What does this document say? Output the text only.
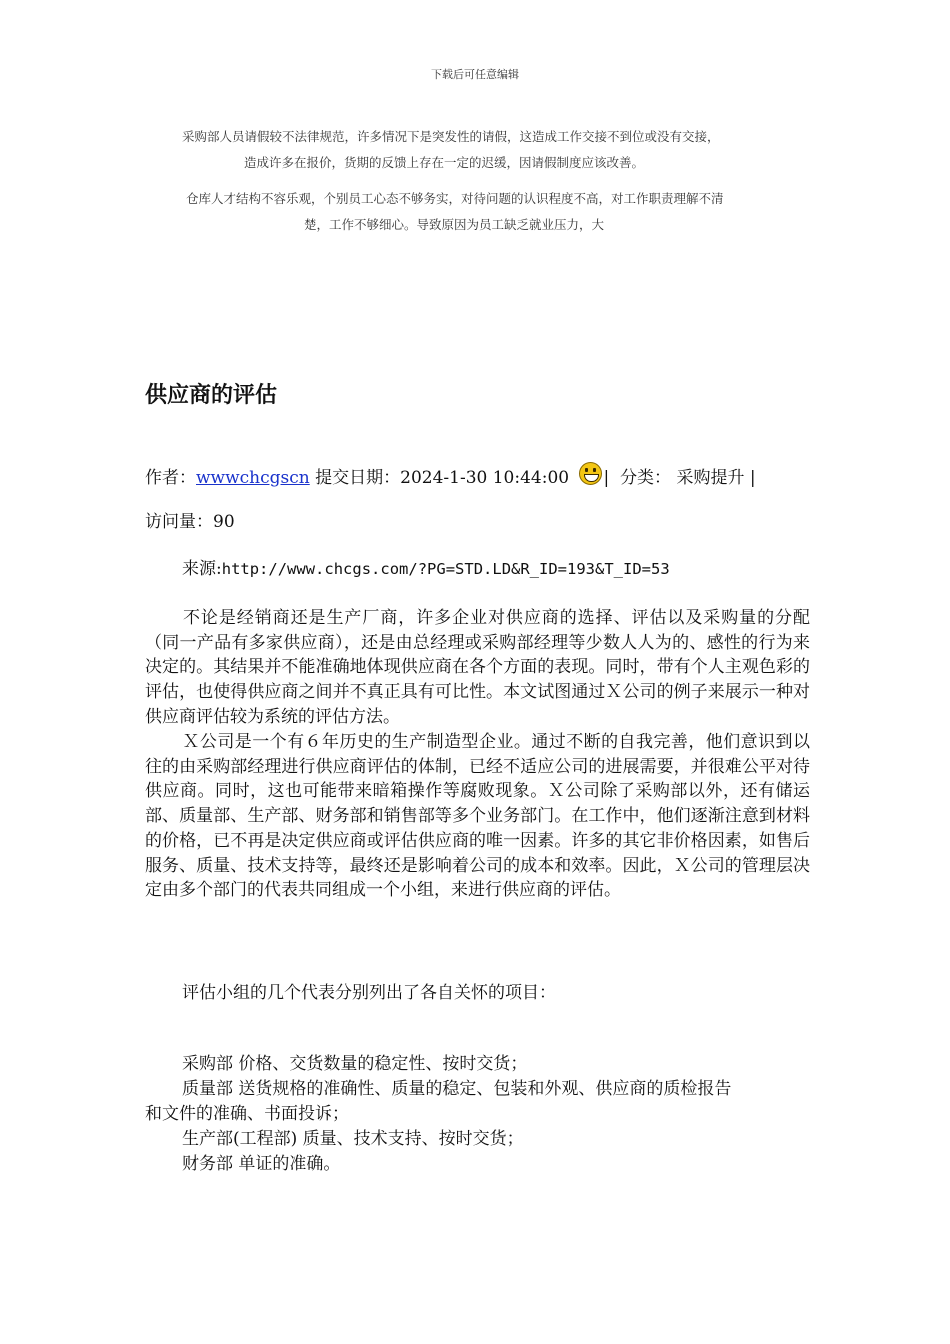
下载后可任意编辑
采购部人员请假较不法律规范，许多情况下是突发性的请假，这造成工作交接不到位或没有交接，
造成许多在报价，货期的反馈上存在一定的迟缓，因请假制度应该改善。
仓库人才结构不容乐观，个别员工心态不够务实，对待问题的认识程度不高，对工作职责理解不清
楚，工作不够细心。导致原因为员工缺乏就业压力，大
供应商的评估
作者：wwwchcgscn 提交日期：2024-1-30 10:44:00 | 分类： 采购提升 |
访问量：90
来源:http://www.chcgs.com/?PG=STD.LD&R_ID=193&T_ID=53
不论是经销商还是生产厂商，许多企业对供应商的选择、评估以及采购量的分配（同一产品有多家供应商），还是由总经理或采购部经理等少数人人为的、感性的行为来决定的。其结果并不能准确地体现供应商在各个方面的表现。同时，带有个人主观色彩的评估，也使得供应商之间并不真正具有可比性。本文试图通过Ｘ公司的例子来展示一种对供应商评估较为系统的评估方法。
Ｘ公司是一个有６年历史的生产制造型企业。通过不断的自我完善，他们意识到以往的由采购部经理进行供应商评估的体制，已经不适应公司的进展需要，并很难公平对待供应商。同时，这也可能带来暗箱操作等腐败现象。Ｘ公司除了采购部以外，还有储运部、质量部、生产部、财务部和销售部等多个业务部门。在工作中，他们逐渐注意到材料的价格，已不再是决定供应商或评估供应商的唯一因素。许多的其它非价格因素，如售后服务、质量、技术支持等，最终还是影响着公司的成本和效率。因此，Ｘ公司的管理层决定由多个部门的代表共同组成一个小组，来进行供应商的评估。
评估小组的几个代表分别列出了各自关怀的项目：
采购部 价格、交货数量的稳定性、按时交货；
质量部 送货规格的准确性、质量的稳定、包装和外观、供应商的质检报告
和文件的准确、书面投诉；
生产部(工程部) 质量、技术支持、按时交货；
财务部 单证的准确。
